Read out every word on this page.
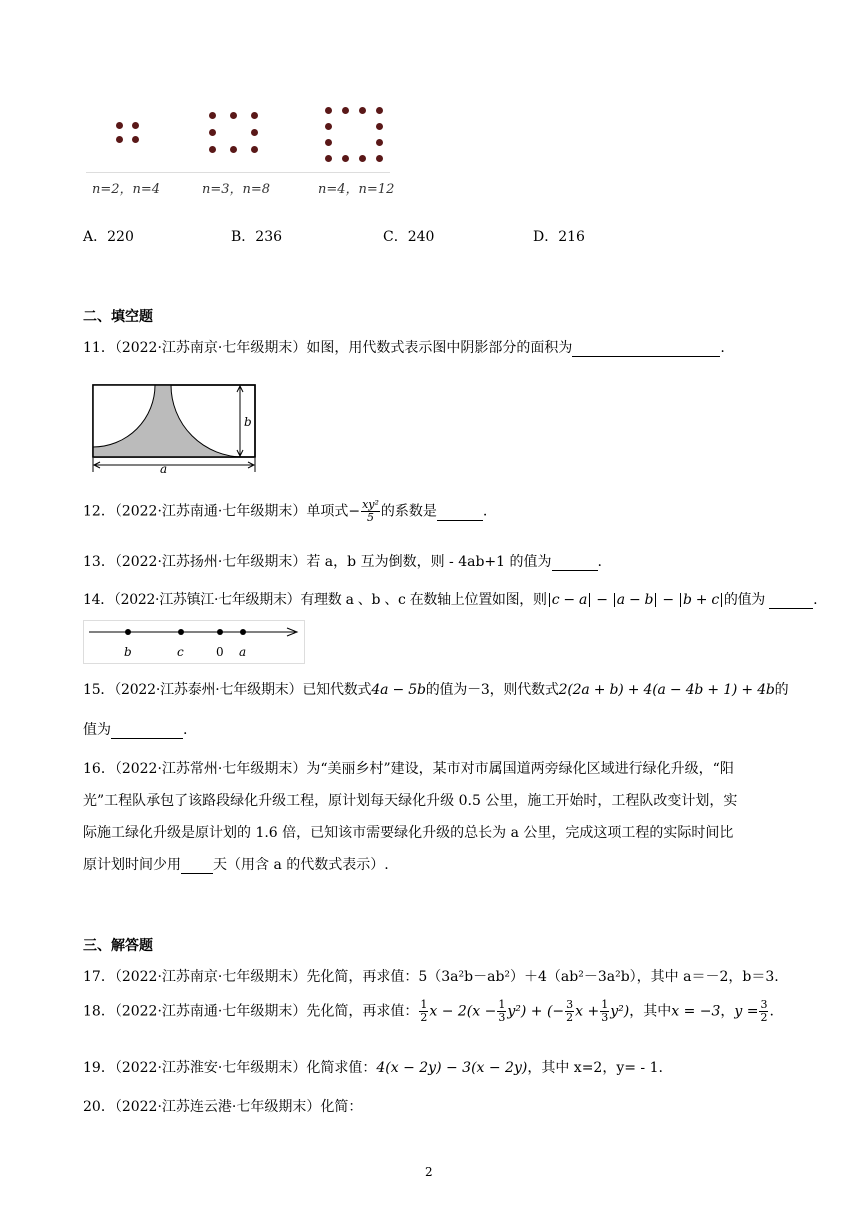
n=2，n=4	n=3，n=8	n=4，n=12
A．220	B．236	C．240	D．216
二、填空题
11．（2022·江苏南京·七年级期末）如图，用代数式表示图中阴影部分的面积为	.
b
a
12．（2022·江苏南通·七年级期末）单项式− $\frac{\text{xy²}}{5}$ 的系数是	.
13．（2022·江苏扬州·七年级期末）若 a，b 互为倒数，则 - 4ab+1 的值为	.
14．（2022·江苏镇江·七年级期末）有理数 a 、b 、c 在数轴上位置如图，则 c − a − a − b − b + c 的值为	.
b	c	0 a
15．（2022·江苏泰州·七年级期末）已知代数式4a − 5b的值为－3，则代数式2(2a + b) + 4(a − 4b + 1) + 4b的
值为	.
16．（2022·江苏常州·七年级期末）为“美丽乡村”建设，某市对市属国道两旁绿化区域进行绿化升级，“阳
光”工程队承包了该路段绿化升级工程，原计划每天绿化升级 0.5 公里，施工开始时，工程队改变计划，实
际施工绿化升级是原计划的 1.6 倍，已知该市需要绿化升级的总长为 a 公里，完成这项工程的实际时间比
原计划时间少用 天（用含 a 的代数式表示）.
三、解答题
17．（2022·江苏南京·七年级期末）先化简，再求值：5（3a²b－ab²）＋4（ab²－3a²b），其中 a＝－2，b＝3.
18．（2022·江苏南通·七年级期末）先化简，再求值： $\frac{1}{2}$ $x - 2(x - \frac{1}{3} y^2)$ + (− $\frac{3}{2}$ $x + \frac{1}{3} y^2$)，其中x = −3，$y = \frac{3}{2}$ .
19．（2022·江苏淮安·七年级期末）化简求值：4(x − 2y) − 3(x − 2y)，其中 x=2，y= - 1.
20．（2022·江苏连云港·七年级期末）化简：
2
